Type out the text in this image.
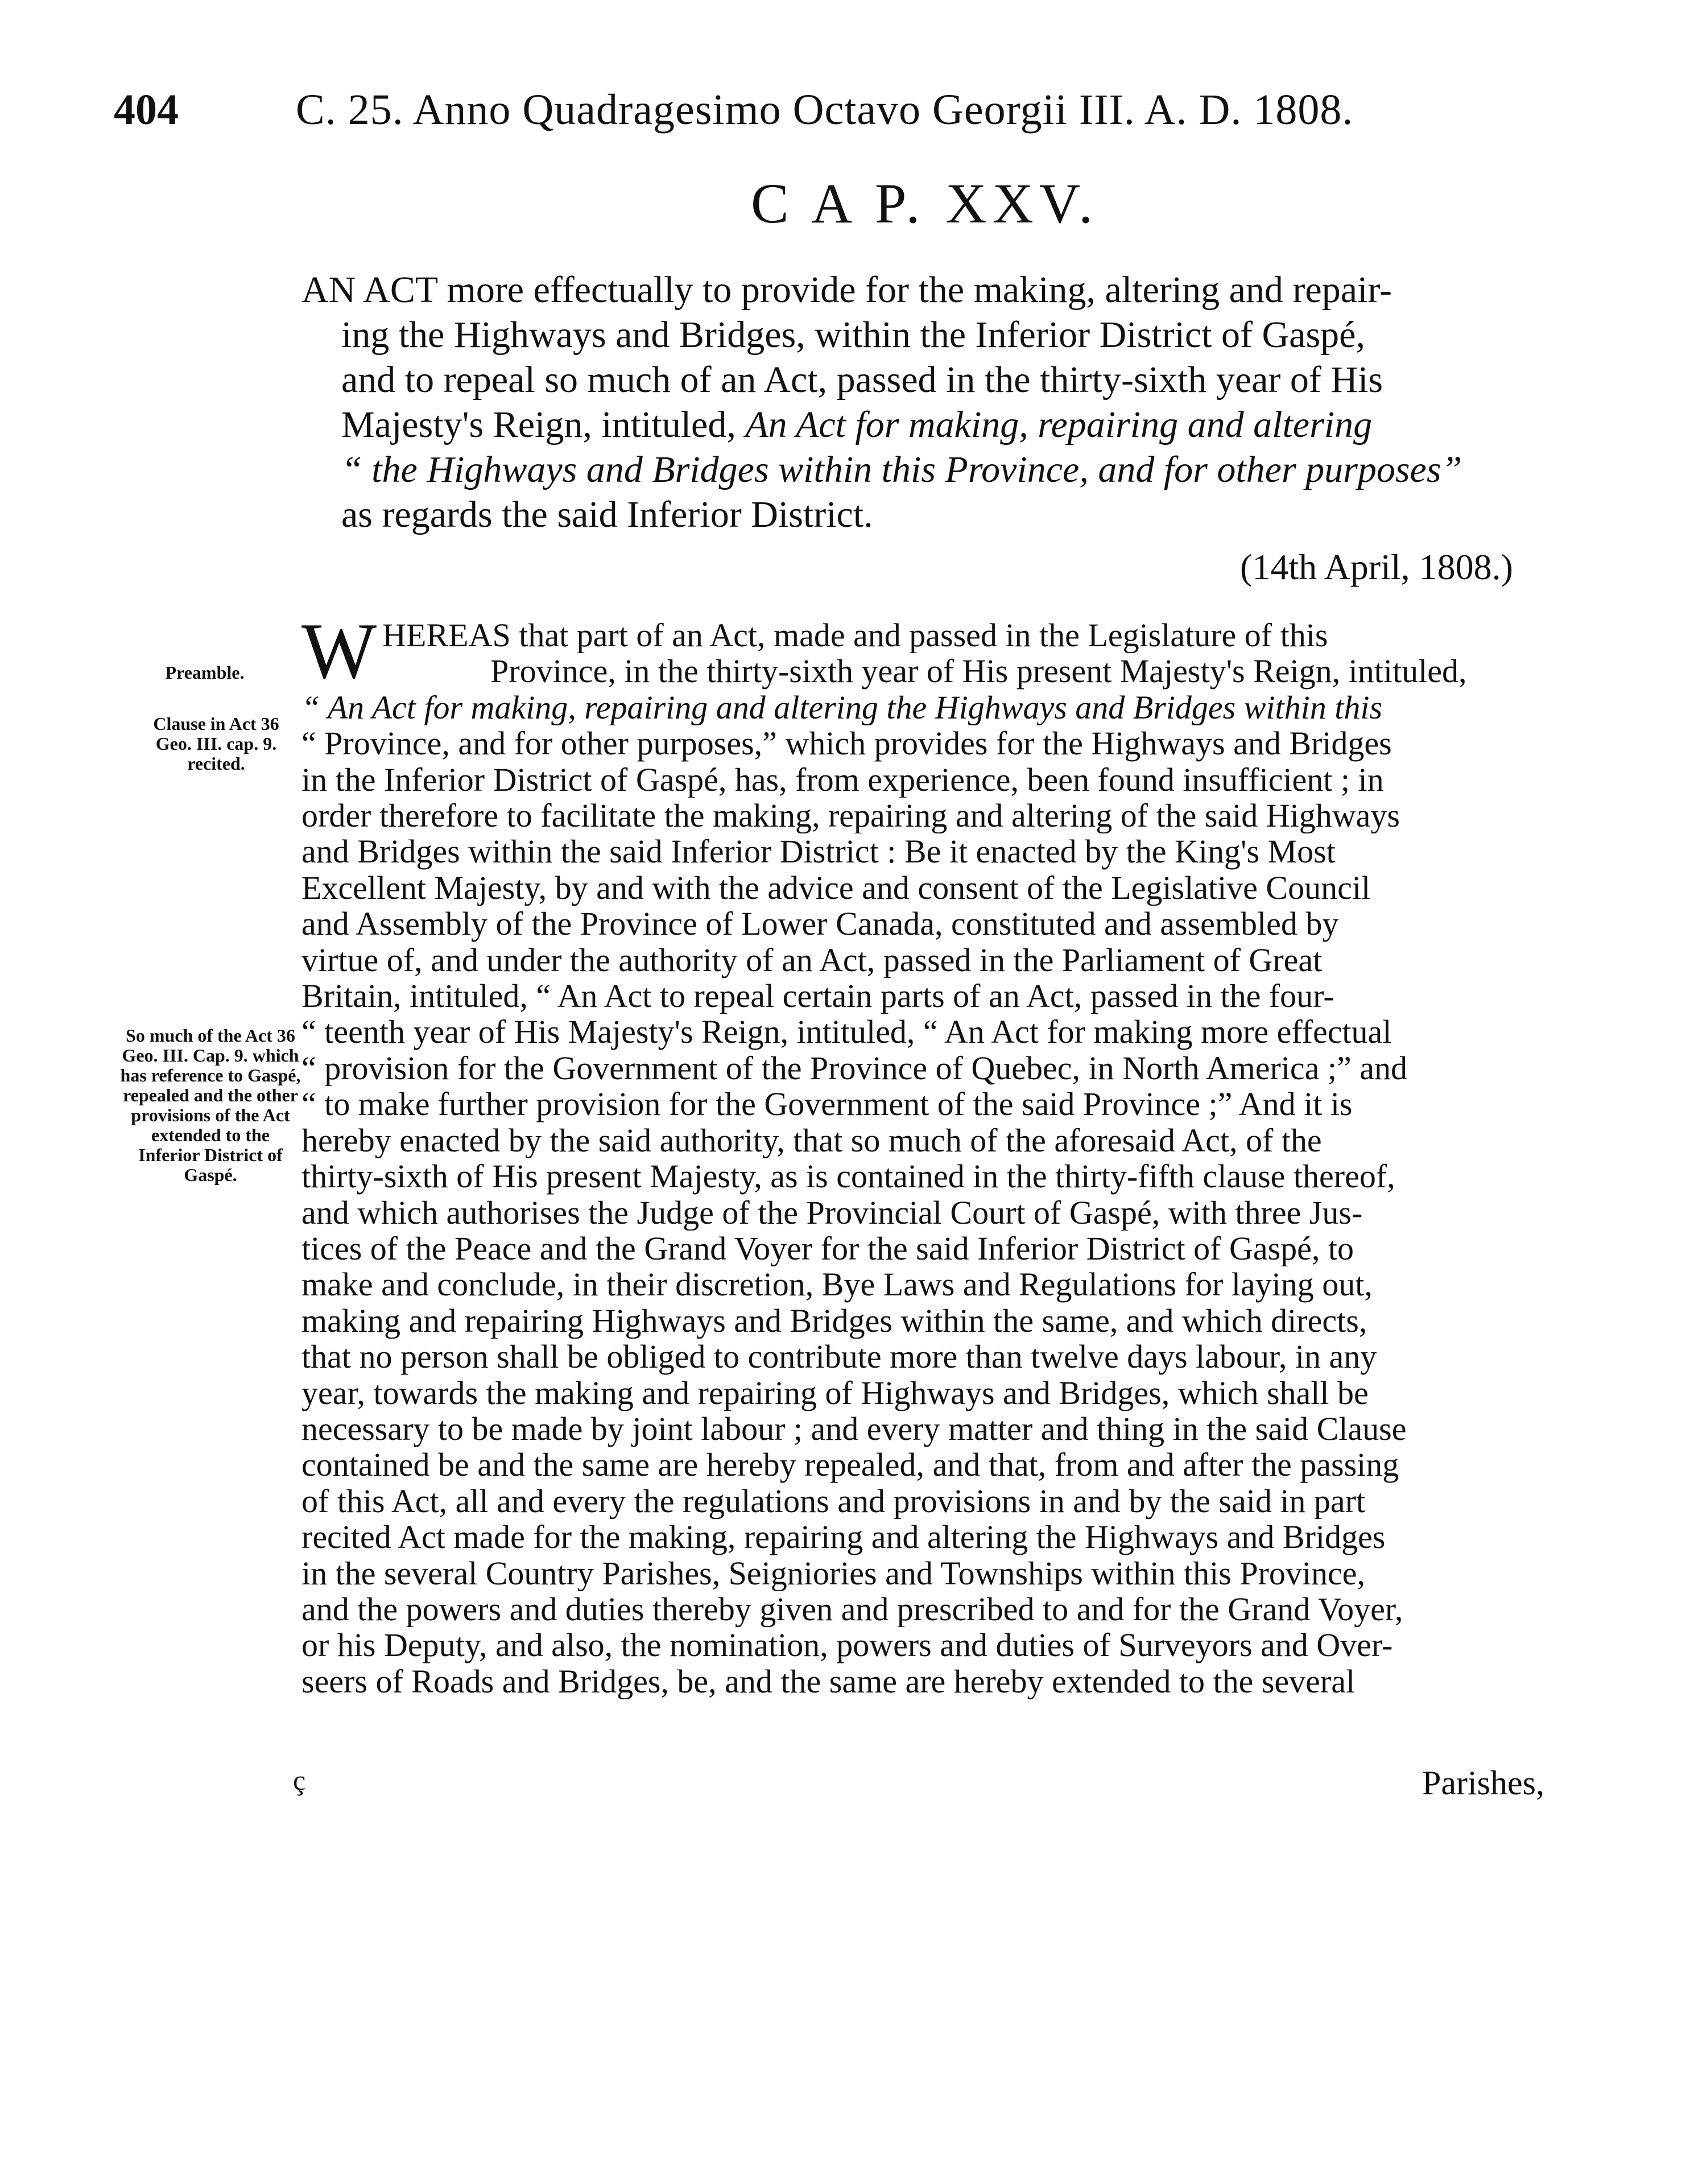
404	C. 25. Anno Quadragesimo Octavo Georgii III. A. D. 1808.
C A P. XXV.
AN ACT more effectually to provide for the making, altering and repair-
ing the Highways and Bridges, within the Inferior District of Gaspé,
and to repeal so much of an Act, passed in the thirty-sixth year of His
Majesty's Reign, intituled, An Act for making, repairing and altering
“ the Highways and Bridges within this Province, and for other purposes”
as regards the said Inferior District.
(14th April, 1808.)
Preamble.
Clause in Act 36 Geo. III. cap. 9. recited.
So much of the Act 36 Geo. III. Cap. 9. which has reference to Gaspé, repealed and the other provisions of the Act extended to the Inferior District of Gaspé.
W HEREAS that part of an Act, made and passed in the Legislature of this
Province, in the thirty-sixth year of His present Majesty's Reign, intituled,
“ An Act for making, repairing and altering the Highways and Bridges within this
“ Province, and for other purposes,” which provides for the Highways and Bridges
in the Inferior District of Gaspé, has, from experience, been found insufficient ; in
order therefore to facilitate the making, repairing and altering of the said Highways
and Bridges within the said Inferior District : Be it enacted by the King's Most
Excellent Majesty, by and with the advice and consent of the Legislative Council
and Assembly of the Province of Lower Canada, constituted and assembled by
virtue of, and under the authority of an Act, passed in the Parliament of Great
Britain, intituled, “ An Act to repeal certain parts of an Act, passed in the four-
“ teenth year of His Majesty's Reign, intituled, “ An Act for making more effectual
“ provision for the Government of the Province of Quebec, in North America ;” and
“ to make further provision for the Government of the said Province ;” And it is
hereby enacted by the said authority, that so much of the aforesaid Act, of the
thirty-sixth of His present Majesty, as is contained in the thirty-fifth clause thereof,
and which authorises the Judge of the Provincial Court of Gaspé, with three Jus-
tices of the Peace and the Grand Voyer for the said Inferior District of Gaspé, to
make and conclude, in their discretion, Bye Laws and Regulations for laying out,
making and repairing Highways and Bridges within the same, and which directs,
that no person shall be obliged to contribute more than twelve days labour, in any
year, towards the making and repairing of Highways and Bridges, which shall be
necessary to be made by joint labour ; and every matter and thing in the said Clause
contained be and the same are hereby repealed, and that, from and after the passing
of this Act, all and every the regulations and provisions in and by the said in part
recited Act made for the making, repairing and altering the Highways and Bridges
in the several Country Parishes, Seigniories and Townships within this Province,
and the powers and duties thereby given and prescribed to and for the Grand Voyer,
or his Deputy, and also, the nomination, powers and duties of Surveyors and Over-
seers of Roads and Bridges, be, and the same are hereby extended to the several
ç	Parishes,
